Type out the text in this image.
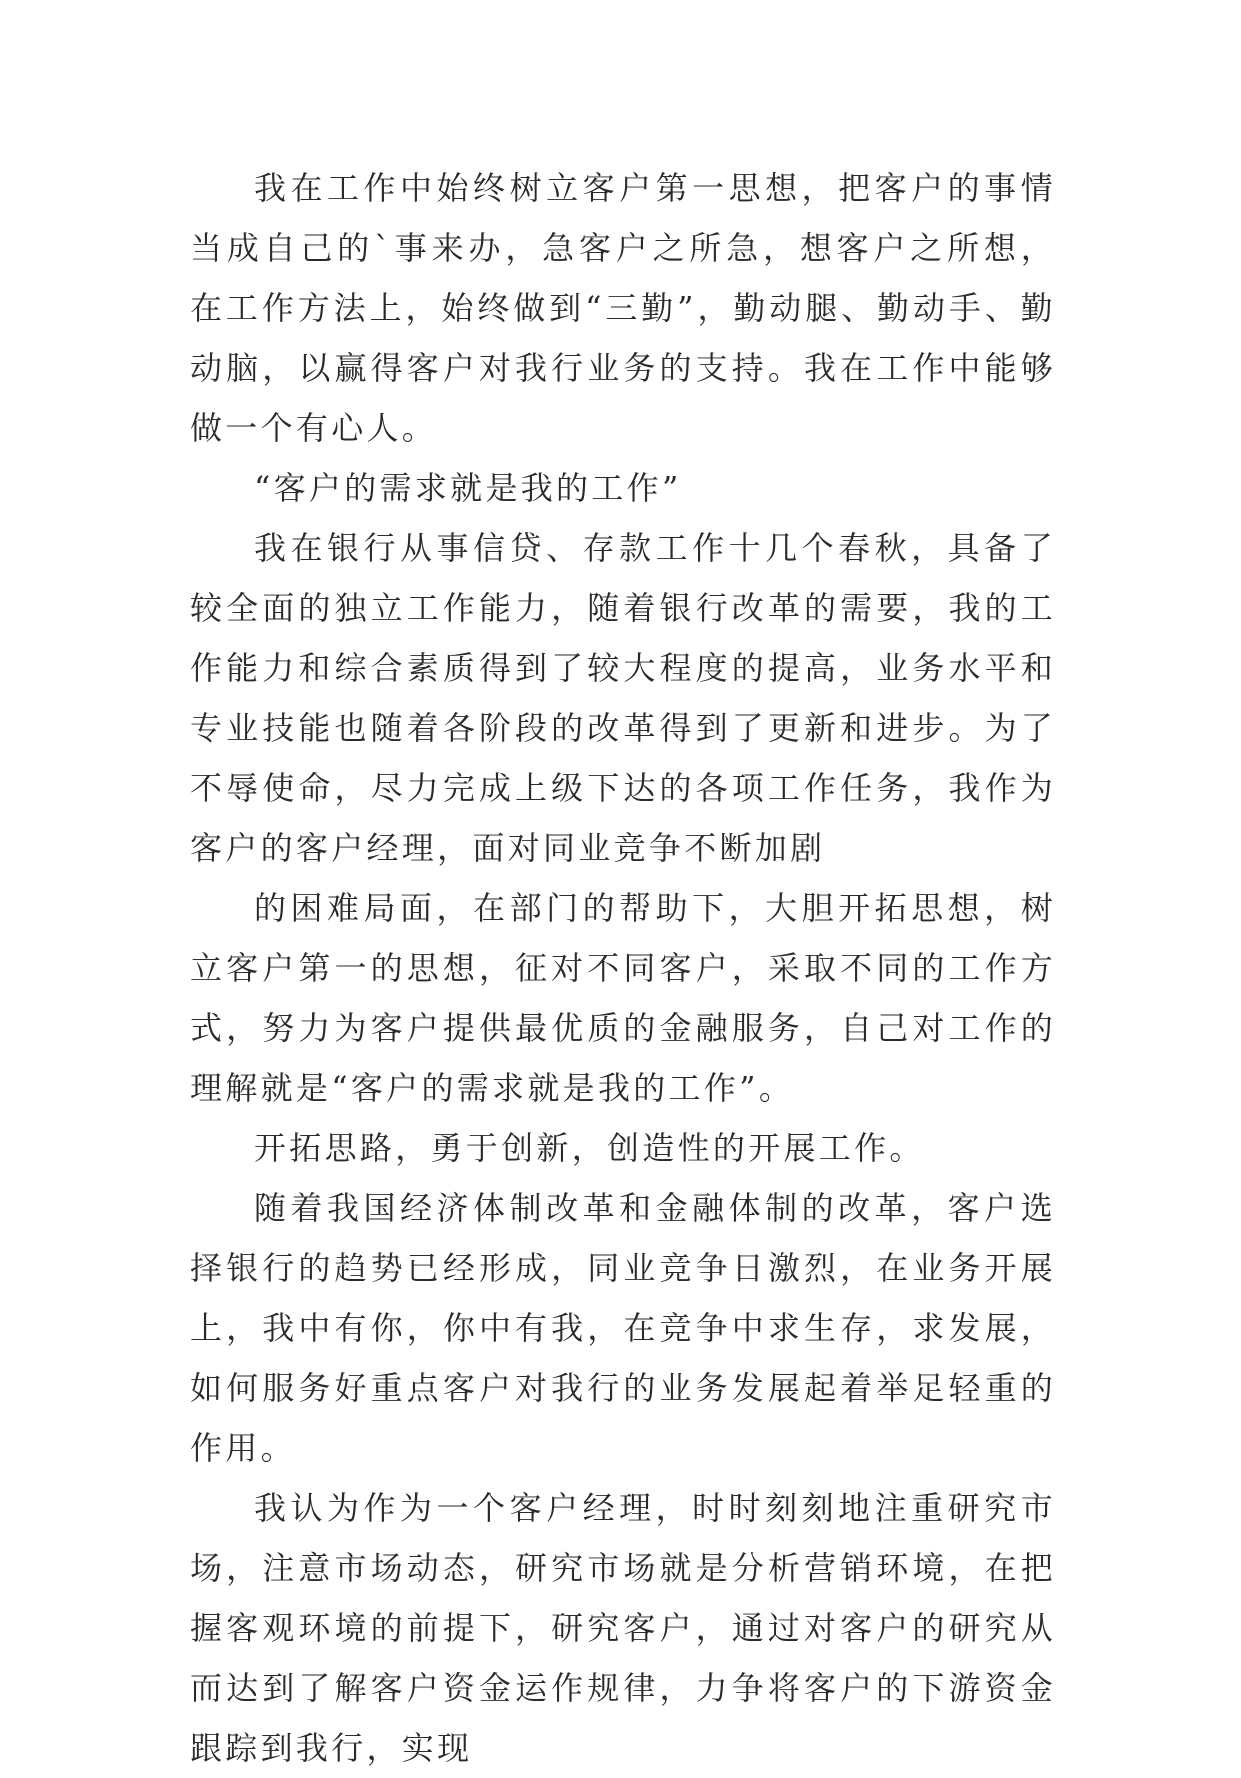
我在工作中始终树立客户第一思想，把客户的事情当成自己的`事来办，急客户之所急，想客户之所想，在工作方法上，始终做到“三勤”，勤动腿、勤动手、勤动脑，以赢得客户对我行业务的支持。我在工作中能够做一个有心人。

“客户的需求就是我的工作”

我在银行从事信贷、存款工作十几个春秋，具备了较全面的独立工作能力，随着银行改革的需要，我的工作能力和综合素质得到了较大程度的提高，业务水平和专业技能也随着各阶段的改革得到了更新和进步。为了不辱使命，尽力完成上级下达的各项工作任务，我作为客户的客户经理，面对同业竞争不断加剧

的困难局面，在部门的帮助下，大胆开拓思想，树立客户第一的思想，征对不同客户，采取不同的工作方式，努力为客户提供最优质的金融服务，自己对工作的理解就是“客户的需求就是我的工作”。

开拓思路，勇于创新，创造性的开展工作。

随着我国经济体制改革和金融体制的改革，客户选择银行的趋势已经形成，同业竞争日激烈，在业务开展上，我中有你，你中有我，在竞争中求生存，求发展，如何服务好重点客户对我行的业务发展起着举足轻重的作用。

我认为作为一个客户经理，时时刻刻地注重研究市场，注意市场动态，研究市场就是分析营销环境，在把握客观环境的前提下，研究客户，通过对客户的研究从而达到了解客户资金运作规律，力争将客户的下游资金跟踪到我行，实现
